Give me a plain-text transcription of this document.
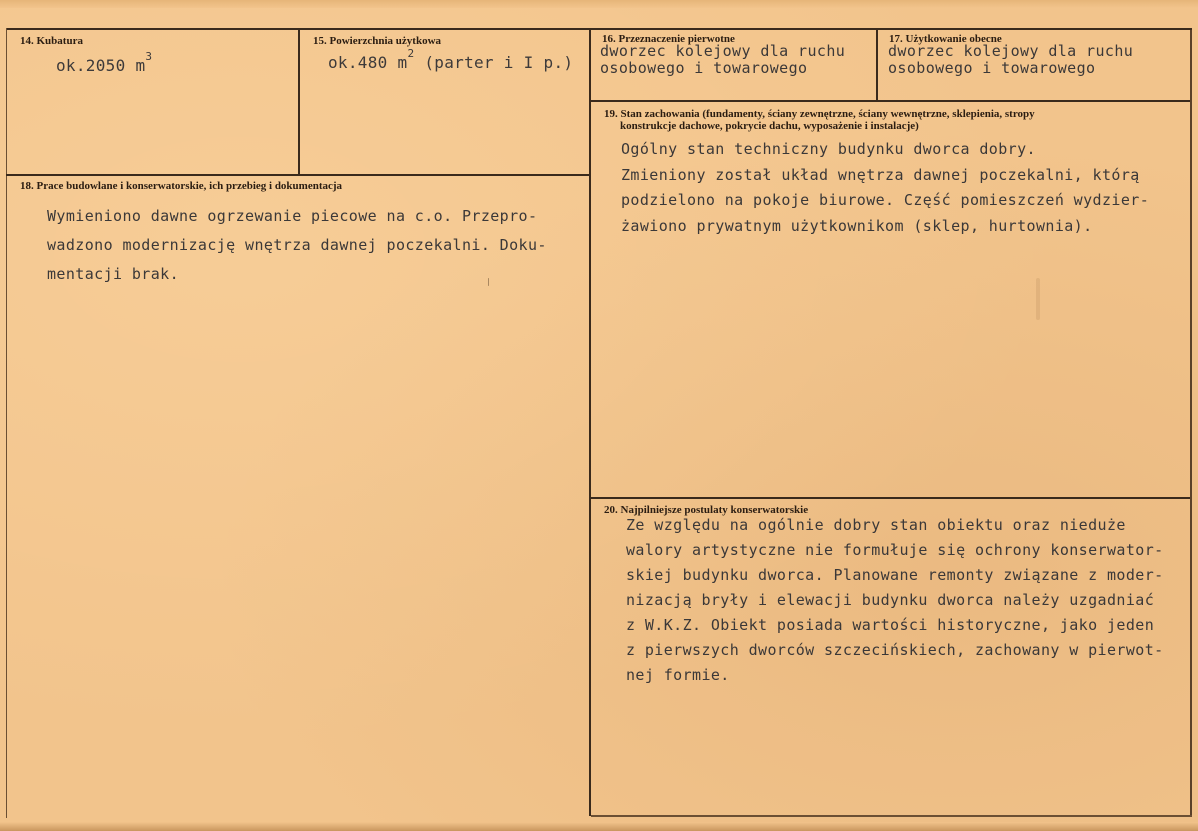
14. Kubatura
ok.2050 $m^3$
15. Powierzchnia użytkowa
ok.480 $m^2$ (parter i I p.)
16. Przeznaczenie pierwotne
dworzec kolejowy dla ruchu
osobowego i towarowego
17. Użytkowanie obecne
dworzec kolejowy dla ruchu
osobowego i towarowego
19. Stan zachowania (fundamenty, ściany zewnętrzne, ściany wewnętrzne, sklepienia, stropy
konstrukcje dachowe, pokrycie dachu, wyposażenie i instalacje)
Ogólny stan techniczny budynku dworca dobry.
Zmieniony został układ wnętrza dawnej poczekalni, którą
podzielono na pokoje biurowe. Część pomieszczeń wydzier-
żawiono prywatnym użytkownikom (sklep, hurtownia).
18. Prace budowlane i konserwatorskie, ich przebieg i dokumentacja
Wymieniono dawne ogrzewanie piecowe na c.o. Przepro-
wadzono modernizację wnętrza dawnej poczekalni. Doku-
mentacji brak.
20. Najpilniejsze postulaty konserwatorskie
Ze względu na ogólnie dobry stan obiektu oraz nieduże
walory artystyczne nie formułuje się ochrony konserwator-
skiej budynku dworca. Planowane remonty związane z moder-
nizacją bryły i elewacji budynku dworca należy uzgadniać
z W.K.Z. Obiekt posiada wartości historyczne, jako jeden
z pierwszych dworców szczecińskiech, zachowany w pierwot-
nej formie.
